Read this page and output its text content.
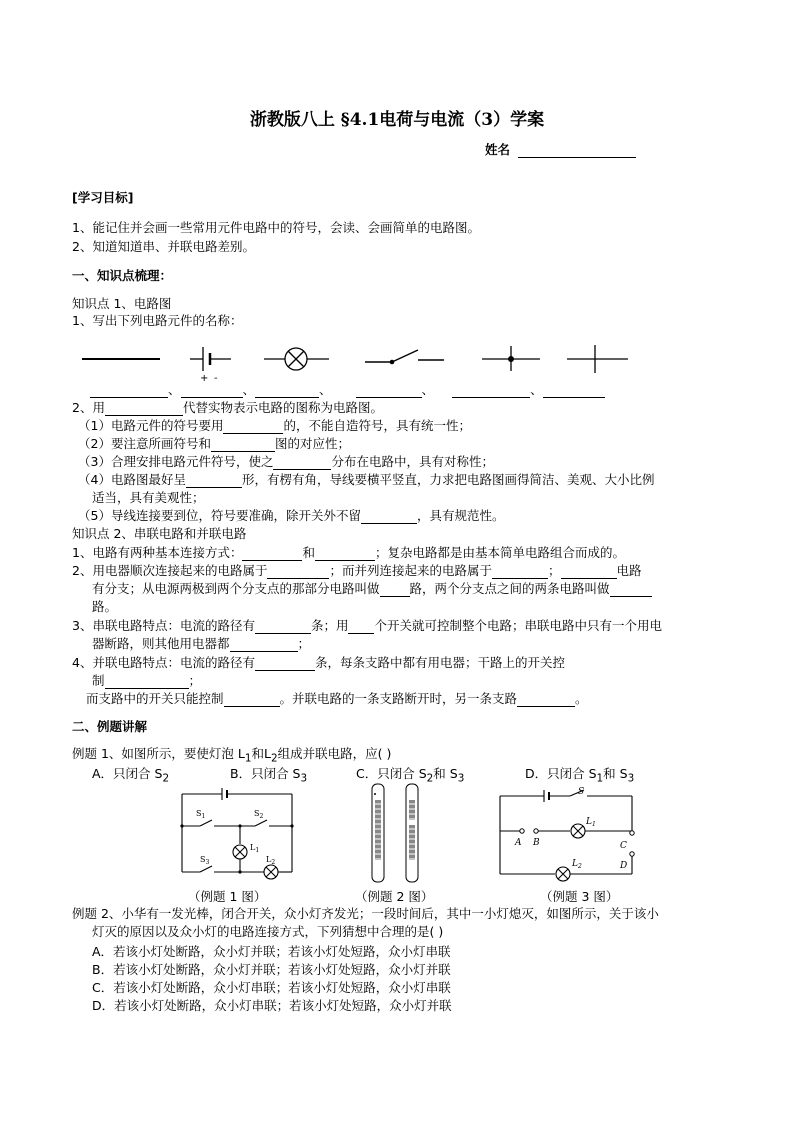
浙教版八上 §4.1电荷与电流（3）学案
姓名
[学习目标]
1、能记住并会画一些常用元件电路中的符号，会读、会画简单的电路图。
2、知道知道串、并联电路差别。
一、知识点梳理：
知识点 1、电路图
1、写出下列电路元件的名称：
+ -
、	、	、	、	、
2、用	代替实物表示电路的图称为电路图。
（1）电路元件的符号要用	的，不能自造符号，具有统一性；
（2）要注意所画符号和	图的对应性；
（3）合理安排电路元件符号，使之	分布在电路中，具有对称性；
（4）电路图最好呈	形，有楞有角，导线要横平竖直，力求把电路图画得简洁、美观、大小比例
适当，具有美观性；
（5）导线连接要到位，符号要准确，除开关外不留	，具有规范性。
知识点 2、串联电路和并联电路
1、电路有两种基本连接方式：	和	；复杂电路都是由基本简单电路组合而成的。
2、用电器顺次连接起来的电路属于	；而并列连接起来的电路属于	；	电路
有分支；从电源两极到两个分支点的那部分电路叫做 路，两个分支点之间的两条电路叫做
路。
3、串联电路特点：电流的路径有	条；用 个开关就可控制整个电路；串联电路中只有一个用电
器断路，则其他用电器都	；
4、并联电路特点：电流的路径有	条，每条支路中都有用电器；干路上的开关控
制	；
而支路中的开关只能控制	。并联电路的一条支路断开时，另一条支路	。
二、例题讲解
例题 1、如图所示，要使灯泡 $L_1$和$L_2$组成并联电路，应( )
A．只闭合 $S_2$	B．只闭合 $S_3$	C．只闭合 $S_2$和 $S_3$	D．只闭合 $S_1$和 $S_3$
$S_1$	$S_2$
$S_3$
$L_1$
$L_2$
S
$L_1$
$L_2$
A B	C
D
（例题 1 图）	（例题 2 图）	（例题 3 图）
例题 2、小华有一发光棒，闭合开关，众小灯齐发光；一段时间后，其中一小灯熄灭，如图所示，关于该小
灯灭的原因以及众小灯的电路连接方式，下列猜想中合理的是( )
A．若该小灯处断路，众小灯并联；若该小灯处短路，众小灯串联
B．若该小灯处断路，众小灯并联；若该小灯处短路，众小灯并联
C．若该小灯处断路，众小灯串联；若该小灯处短路，众小灯串联
D．若该小灯处断路，众小灯串联；若该小灯处短路，众小灯并联
